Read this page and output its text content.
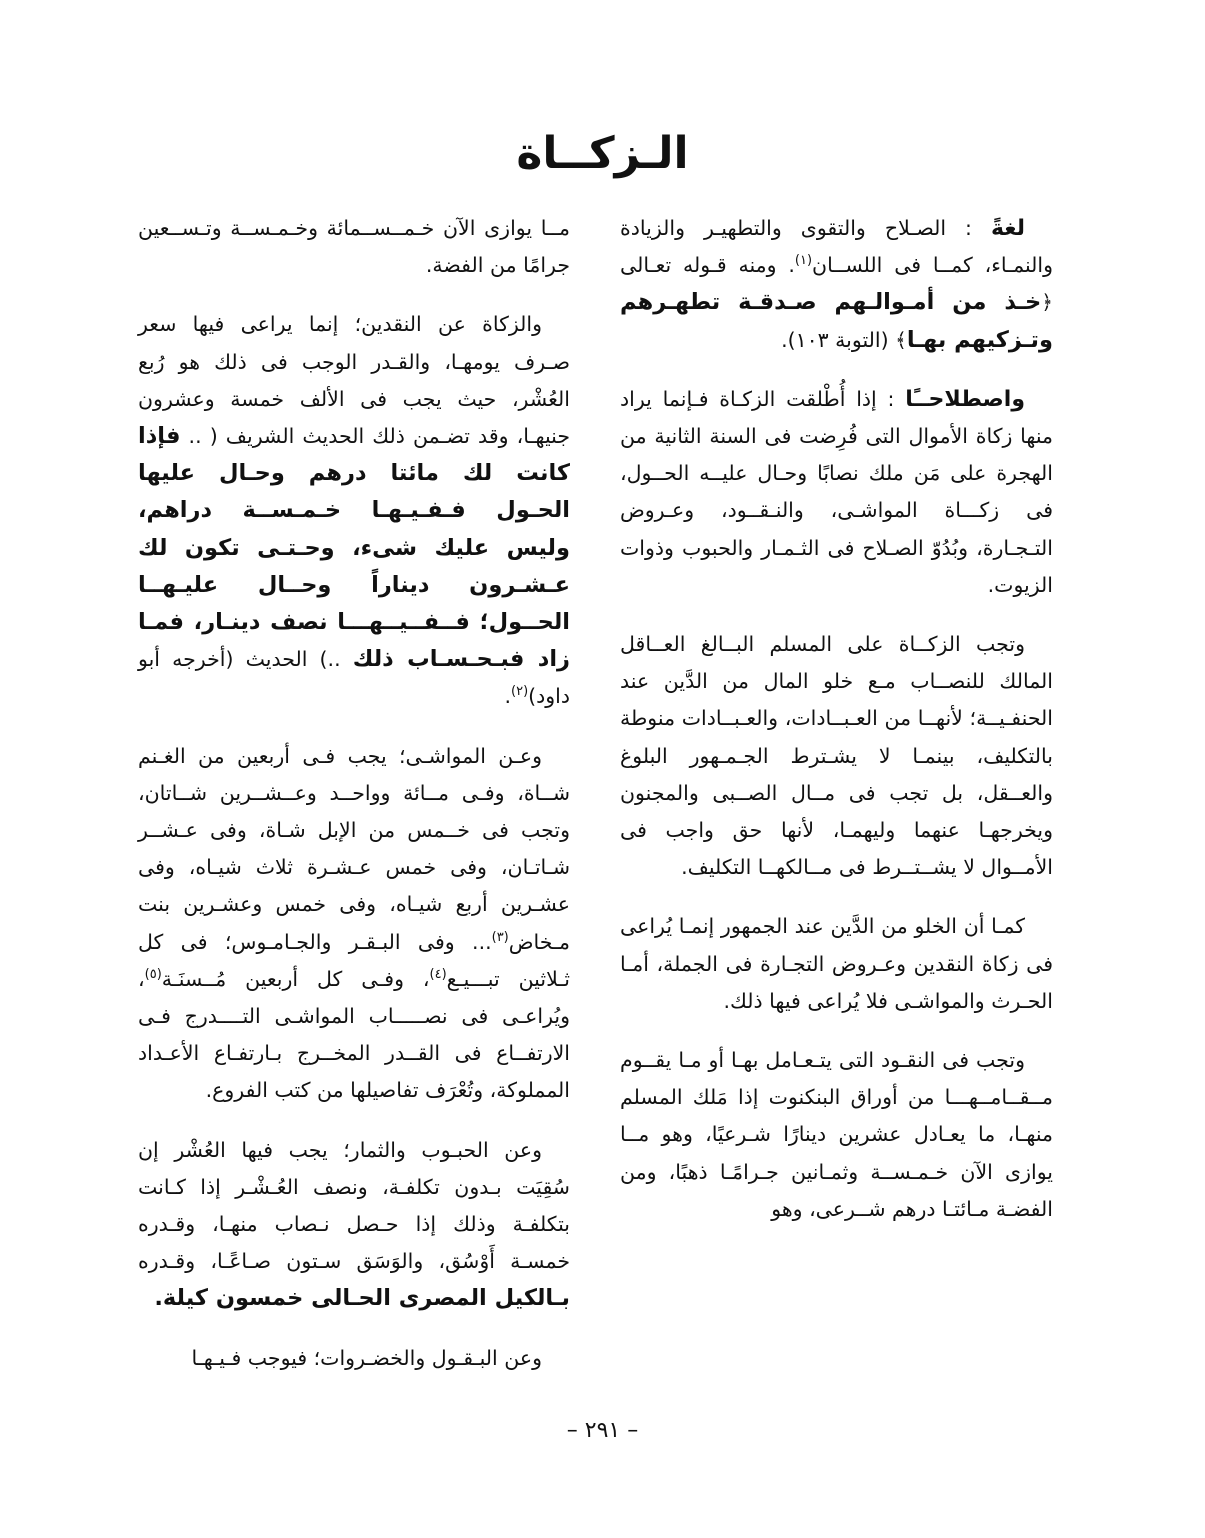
الـزكــاة

لغةً : الصـلاح والتقوى والتطهيـر والزيادة والنمـاء، كمــا فى اللســان$^{(١)}$. ومنه قـوله تعـالى ﴿خـذ من أمـوالـهم صـدقـة تطهـرهم وتـزكيهم بهـا﴾ (التوبة ١٠٣).

واصطلاحــًا : إذا أُطْلقت الزكـاة فـإنما يراد منها زكاة الأموال التى فُرِضت فى السنة الثانية من الهجرة على مَن ملك نصابًا وحـال عليــه الحــول، فى زكـــاة المواشـى، والنـقــود، وعـروض التـجـارة، وبُدُوّ الصـلاح فى الثـمـار والحبوب وذوات الزيوت.

وتجب الزكــاة على المسلم البــالغ العــاقل المالك للنصــاب مـع خلو المال من الدَّين عند الحنفـيــة؛ لأنهــا من العـبــادات، والعـبــادات منوطة بالتكليف، بينمـا لا يشـترط الجـمـهور البلوغ والعــقل، بل تجب فى مــال الصــبى والمجنون ويخرجهـا عنهما وليهمـا، لأنها حق واجب فى الأمــوال لا يشــتــرط فى مــالكهــا التكليف.

كمـا أن الخلو من الدَّين عند الجمهور إنمـا يُراعى فى زكاة النقدين وعـروض التجـارة فى الجملة، أمـا الحـرث والمواشـى فلا يُراعى فيها ذلك.

وتجب فى النقـود التى يتـعـامل بهـا أو مـا يقــوم مــقــامــهـــا من أوراق البنكنوت إذا مَلك المسلم منهـا، ما يعـادل عشرين دينارًا شـرعيًا، وهو مــا يوازى الآن خـمـســة وثمـانين جـرامًـا ذهبًا، ومن الفضـة مـائتـا درهم شــرعى، وهو

مــا يوازى الآن خـمــســمائة وخـمـســة وتـســعين جرامًا من الفضة.

والزكاة عن النقدين؛ إنما يراعى فيها سعر صـرف يومهـا، والقـدر الوجب فى ذلك هو رُبع العُشْر، حيث يجب فى الألف خمسة وعشرون جنيهـا، وقد تضـمن ذلك الحديث الشريف ( .. فإذا كانت لك مائتا درهم وحـال عليها الحـول فـفـيـهـا خـمـســة دراهم، وليس عليك شىء، وحـتـى تكون لك عـشـرون ديناراً وحــال عليـهــا الحــول؛ فــفــيــهـــا نصف دينـار، فمـا زاد فبـحـسـاب ذلك ..) الحديث (أخرجه أبو داود)$^{(٢)}$.

وعـن المواشـى؛ يجب فـى أربعين من الغـنم شــاة، وفـى مــائة وواحــد وعــشــرين شــاتان، وتجب فى خــمس من الإبل شـاة، وفى عـشــر شـاتـان، وفى خمس عـشـرة ثلاث شيـاه، وفى عشـرين أربع شيـاه، وفى خمس وعشـرين بنت مـخاض$^{(٣)}$... وفى البـقـر والجـامـوس؛ فى كل ثـلاثين تبـــيـع$^{(٤)}$، وفـى كل أربعين مُــسنَـة$^{(٥)}$، ويُراعـى فى نصـــــاب المواشـى التــــدرج فـى الارتفــاع فى القــدر المخــرج بـارتفـاع الأعـداد المملوكة، وتُعْرَف تفاصيلها من كتب الفروع.

وعن الحبـوب والثمار؛ يجب فيها العُشْر إن سُقِيَت بـدون تكلفـة، ونصف العُـشْـر إذا كـانت بتكلفـة وذلك إذا حـصل نـصاب منهـا، وقـدره خمسـة أَوْسُق، والوَسَق سـتون صـاعًـا، وقـدره بـالكيل المصرى الحـالى خمسون كيلة.

وعن البـقـول والخضـروات؛ فيوجب فـيـهـا

– ٢٩١ –
